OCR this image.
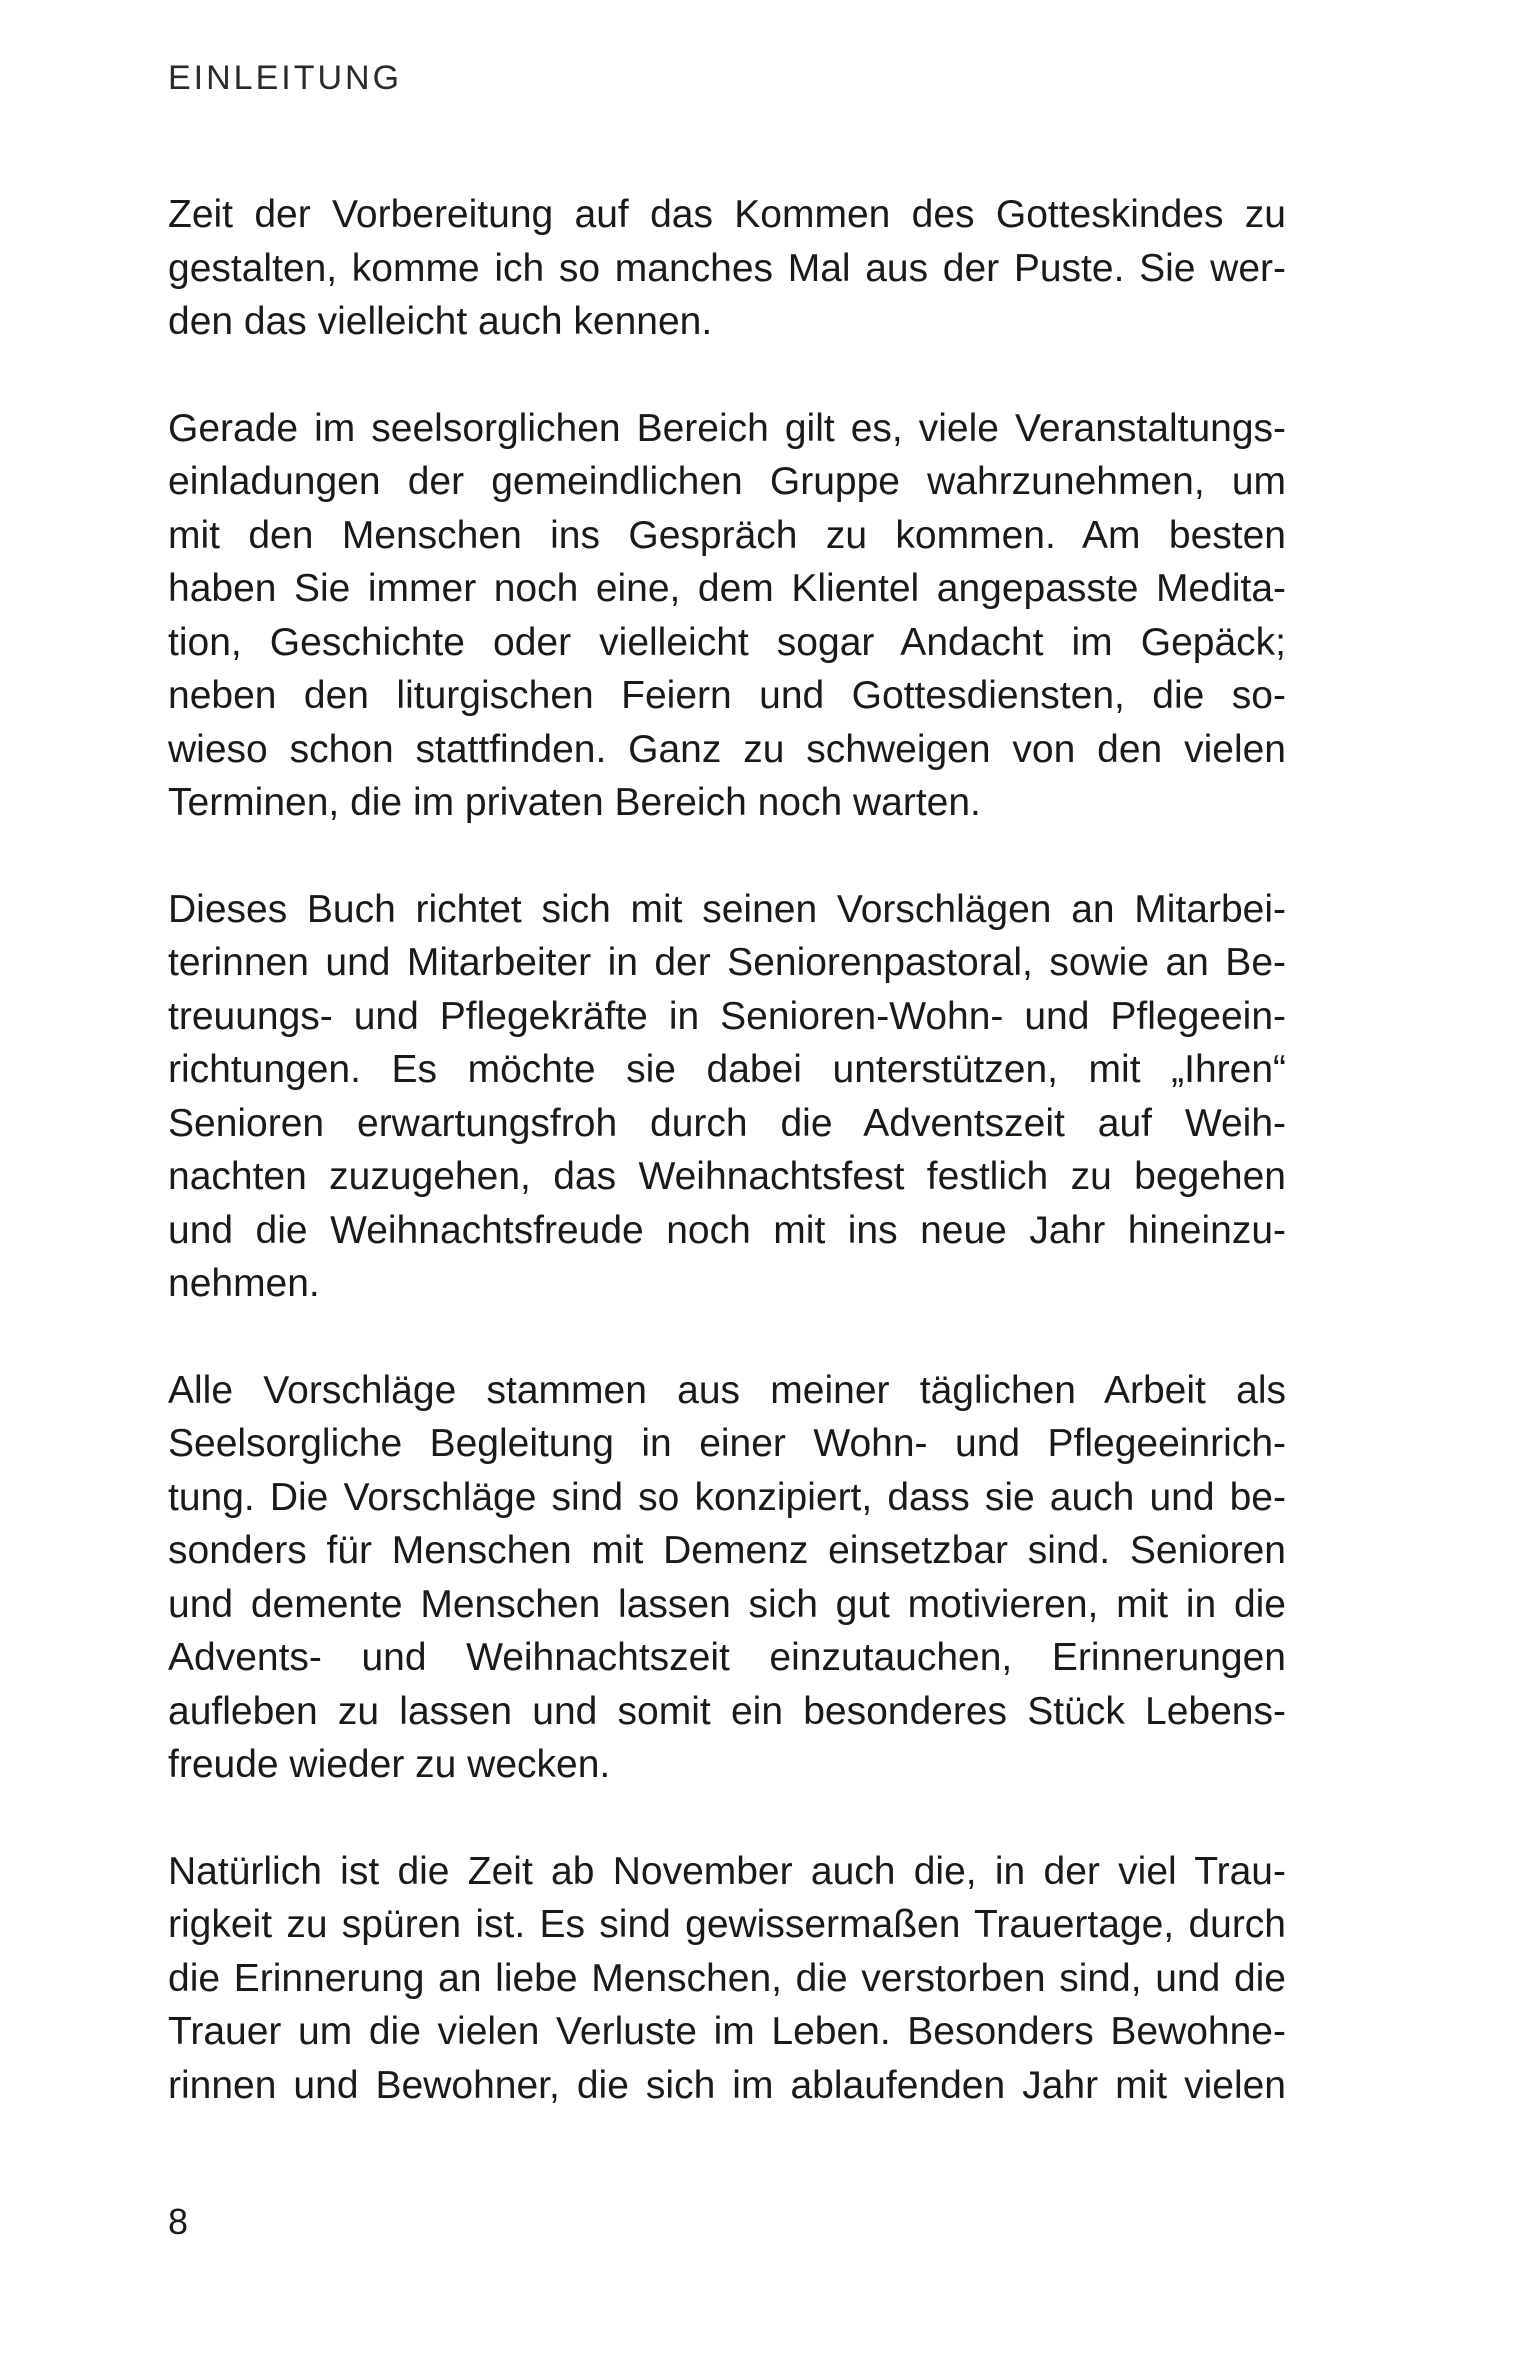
EINLEITUNG
Zeit der Vorbereitung auf das Kommen des Gotteskindes zu
gestalten, komme ich so manches Mal aus der Puste. Sie wer-
den das vielleicht auch kennen.
Gerade im seelsorglichen Bereich gilt es, viele Veranstaltungs-
einladungen der gemeindlichen Gruppe wahrzunehmen, um
mit den Menschen ins Gespräch zu kommen. Am besten
haben Sie immer noch eine, dem Klientel angepasste Medita-
tion, Geschichte oder vielleicht sogar Andacht im Gepäck;
neben den liturgischen Feiern und Gottesdiensten, die so-
wieso schon stattfinden. Ganz zu schweigen von den vielen
Terminen, die im privaten Bereich noch warten.
Dieses Buch richtet sich mit seinen Vorschlägen an Mitarbei-
terinnen und Mitarbeiter in der Seniorenpastoral, sowie an Be-
treuungs- und Pflegekräfte in Senioren-Wohn- und Pflegeein-
richtungen. Es möchte sie dabei unterstützen, mit „Ihren“
Senioren erwartungsfroh durch die Adventszeit auf Weih-
nachten zuzugehen, das Weihnachtsfest festlich zu begehen
und die Weihnachtsfreude noch mit ins neue Jahr hineinzu-
nehmen.
Alle Vorschläge stammen aus meiner täglichen Arbeit als
Seelsorgliche Begleitung in einer Wohn- und Pflegeeinrich-
tung. Die Vorschläge sind so konzipiert, dass sie auch und be-
sonders für Menschen mit Demenz einsetzbar sind. Senioren
und demente Menschen lassen sich gut motivieren, mit in die
Advents- und Weihnachtszeit einzutauchen, Erinnerungen
aufleben zu lassen und somit ein besonderes Stück Lebens-
freude wieder zu wecken.
Natürlich ist die Zeit ab November auch die, in der viel Trau-
rigkeit zu spüren ist. Es sind gewissermaßen Trauertage, durch
die Erinnerung an liebe Menschen, die verstorben sind, und die
Trauer um die vielen Verluste im Leben. Besonders Bewohne-
rinnen und Bewohner, die sich im ablaufenden Jahr mit vielen
8
